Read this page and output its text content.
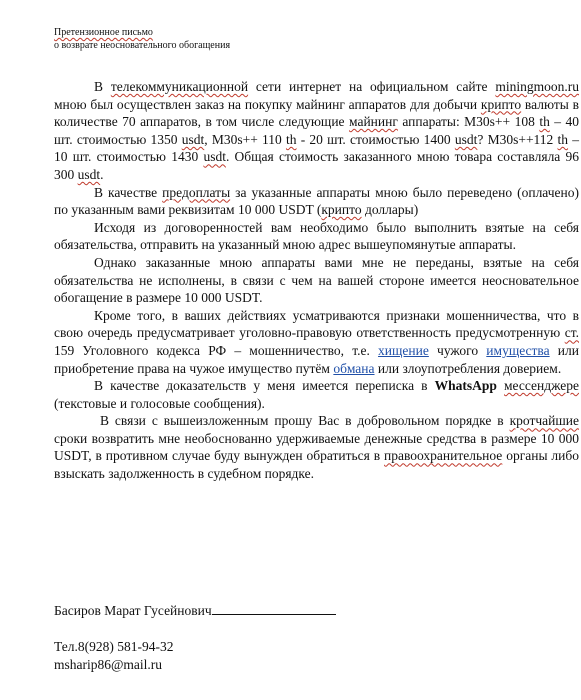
Претензионное письмо
о возврате неосновательного обогащения

В телекоммуникационной сети интернет на официальном сайте miningmoon.ru мною был осуществлен заказ на покупку майнинг аппаратов для добычи крипто валюты в количестве 70 аппаратов, в том числе следующие майнинг аппараты: M30s++ 108 th – 40 шт. стоимостью 1350 usdt, M30s++ 110 th - 20 шт. стоимостью 1400 usdt? M30s++112 th – 10 шт. стоимостью 1430 usdt. Общая стоимость заказанного мною товара составляла 96 300 usdt.

В качестве предоплаты за указанные аппараты мною было переведено (оплачено) по указанным вами реквизитам 10 000 USDT (крипто доллары)

Исходя из договоренностей вам необходимо было выполнить взятые на себя обязательства, отправить на указанный мною адрес вышеупомянутые аппараты.

Однако заказанные мною аппараты вами мне не переданы, взятые на себя обязательства не исполнены, в связи с чем на вашей стороне имеется неосновательное обогащение в размере 10 000 USDT.

Кроме того, в ваших действиях усматриваются признаки мошенничества, что в свою очередь предусматривает уголовно-правовую ответственность предусмотренную ст. 159 Уголовного кодекса РФ – мошенничество, т.е. хищение чужого имущества или приобретение права на чужое имущество путём обмана или злоупотребления доверием.

В качестве доказательств у меня имеется переписка в WhatsApp мессенджере (текстовые и голосовые сообщения).

В связи с вышеизложенным прошу Вас в добровольном порядке в кротчайшие сроки возвратить мне необоснованно удерживаемые денежные средства в размере 10 000 USDT, в противном случае буду вынужден обратиться в правоохранительное органы либо взыскать задолженность в судебном порядке.

Басиров Марат Гусейнович
Тел.8(928) 581-94-32
msharip86@mail.ru
